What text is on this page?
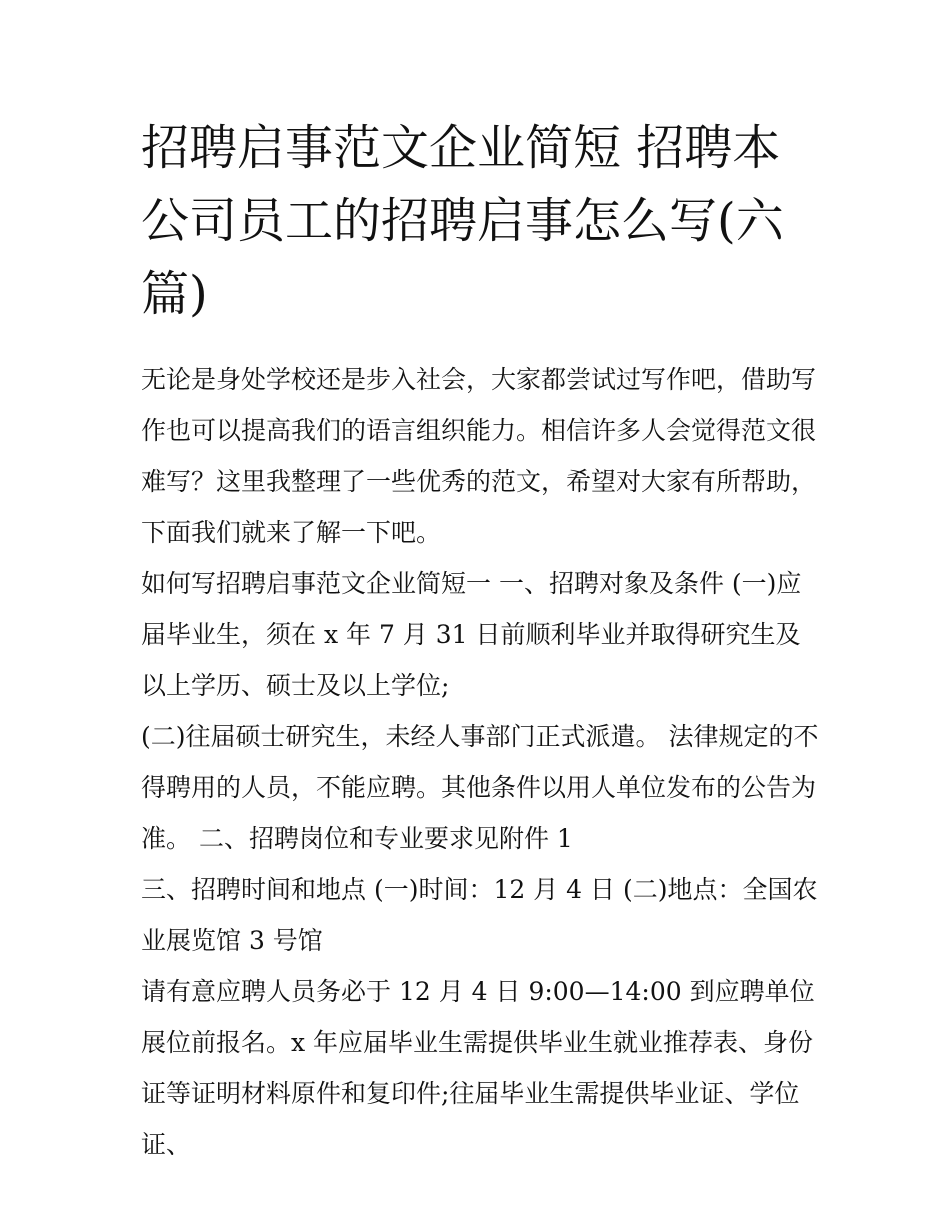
招聘启事范文企业简短 招聘本公司员工的招聘启事怎么写(六篇)

无论是身处学校还是步入社会，大家都尝试过写作吧，借助写作也可以提高我们的语言组织能力。相信许多人会觉得范文很难写？这里我整理了一些优秀的范文，希望对大家有所帮助，下面我们就来了解一下吧。

如何写招聘启事范文企业简短一 一、招聘对象及条件 (一)应届毕业生，须在 x 年 7 月 31 日前顺利毕业并取得研究生及以上学历、硕士及以上学位;

(二)往届硕士研究生，未经人事部门正式派遣。 法律规定的不得聘用的人员，不能应聘。其他条件以用人单位发布的公告为准。 二、招聘岗位和专业要求见附件 1

三、招聘时间和地点 (一)时间：12 月 4 日 (二)地点：全国农业展览馆 3 号馆

请有意应聘人员务必于 12 月 4 日 9:00—14:00 到应聘单位展位前报名。x 年应届毕业生需提供毕业生就业推荐表、身份证等证明材料原件和复印件;往届毕业生需提供毕业证、学位证、
